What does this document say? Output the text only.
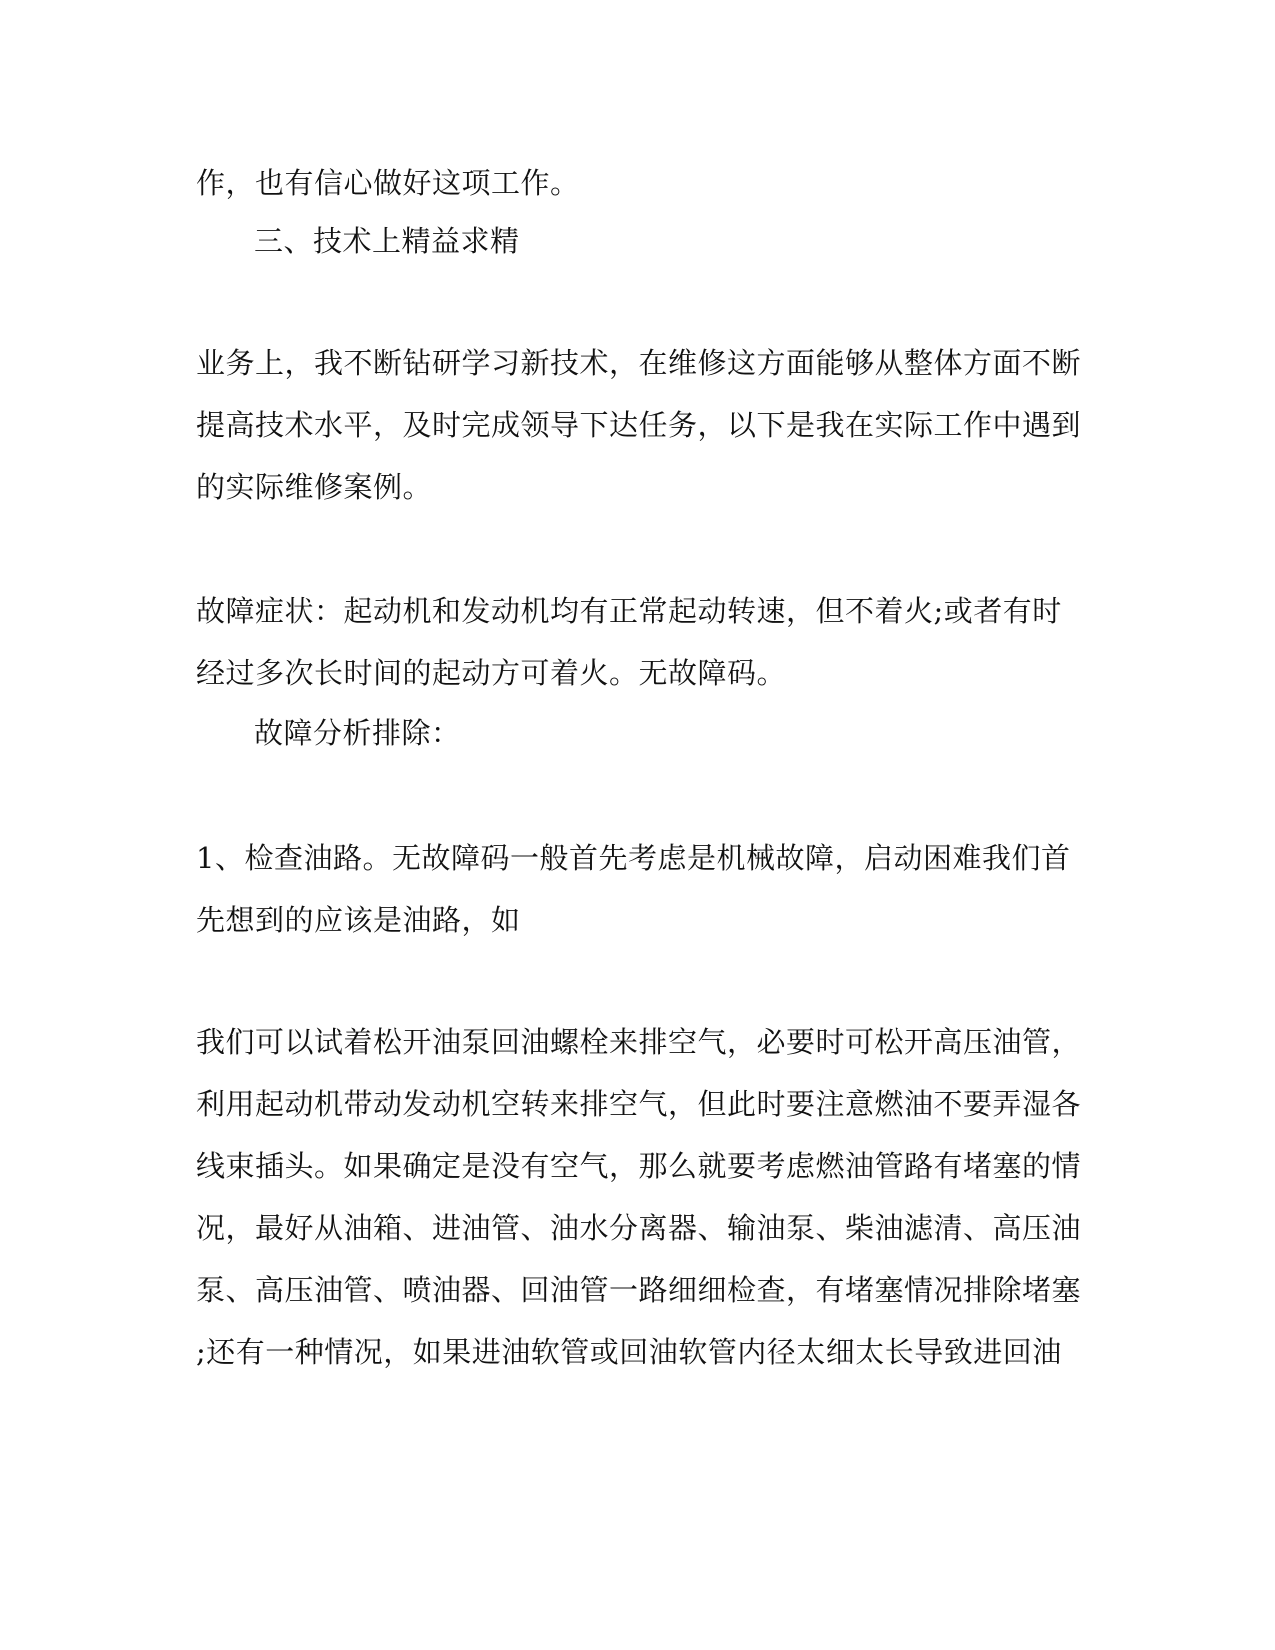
作，也有信心做好这项工作。
三、技术上精益求精
业务上，我不断钻研学习新技术，在维修这方面能够从整体方面不断
提高技术水平，及时完成领导下达任务，以下是我在实际工作中遇到
的实际维修案例。
故障症状：起动机和发动机均有正常起动转速，但不着火;或者有时
经过多次长时间的起动方可着火。无故障码。
故障分析排除：
1、检查油路。无故障码一般首先考虑是机械故障，启动困难我们首
先想到的应该是油路，如
我们可以试着松开油泵回油螺栓来排空气，必要时可松开高压油管，
利用起动机带动发动机空转来排空气，但此时要注意燃油不要弄湿各
线束插头。如果确定是没有空气，那么就要考虑燃油管路有堵塞的情
况，最好从油箱、进油管、油水分离器、输油泵、柴油滤清、高压油
泵、高压油管、喷油器、回油管一路细细检查，有堵塞情况排除堵塞
;还有一种情况，如果进油软管或回油软管内径太细太长导致进回油
